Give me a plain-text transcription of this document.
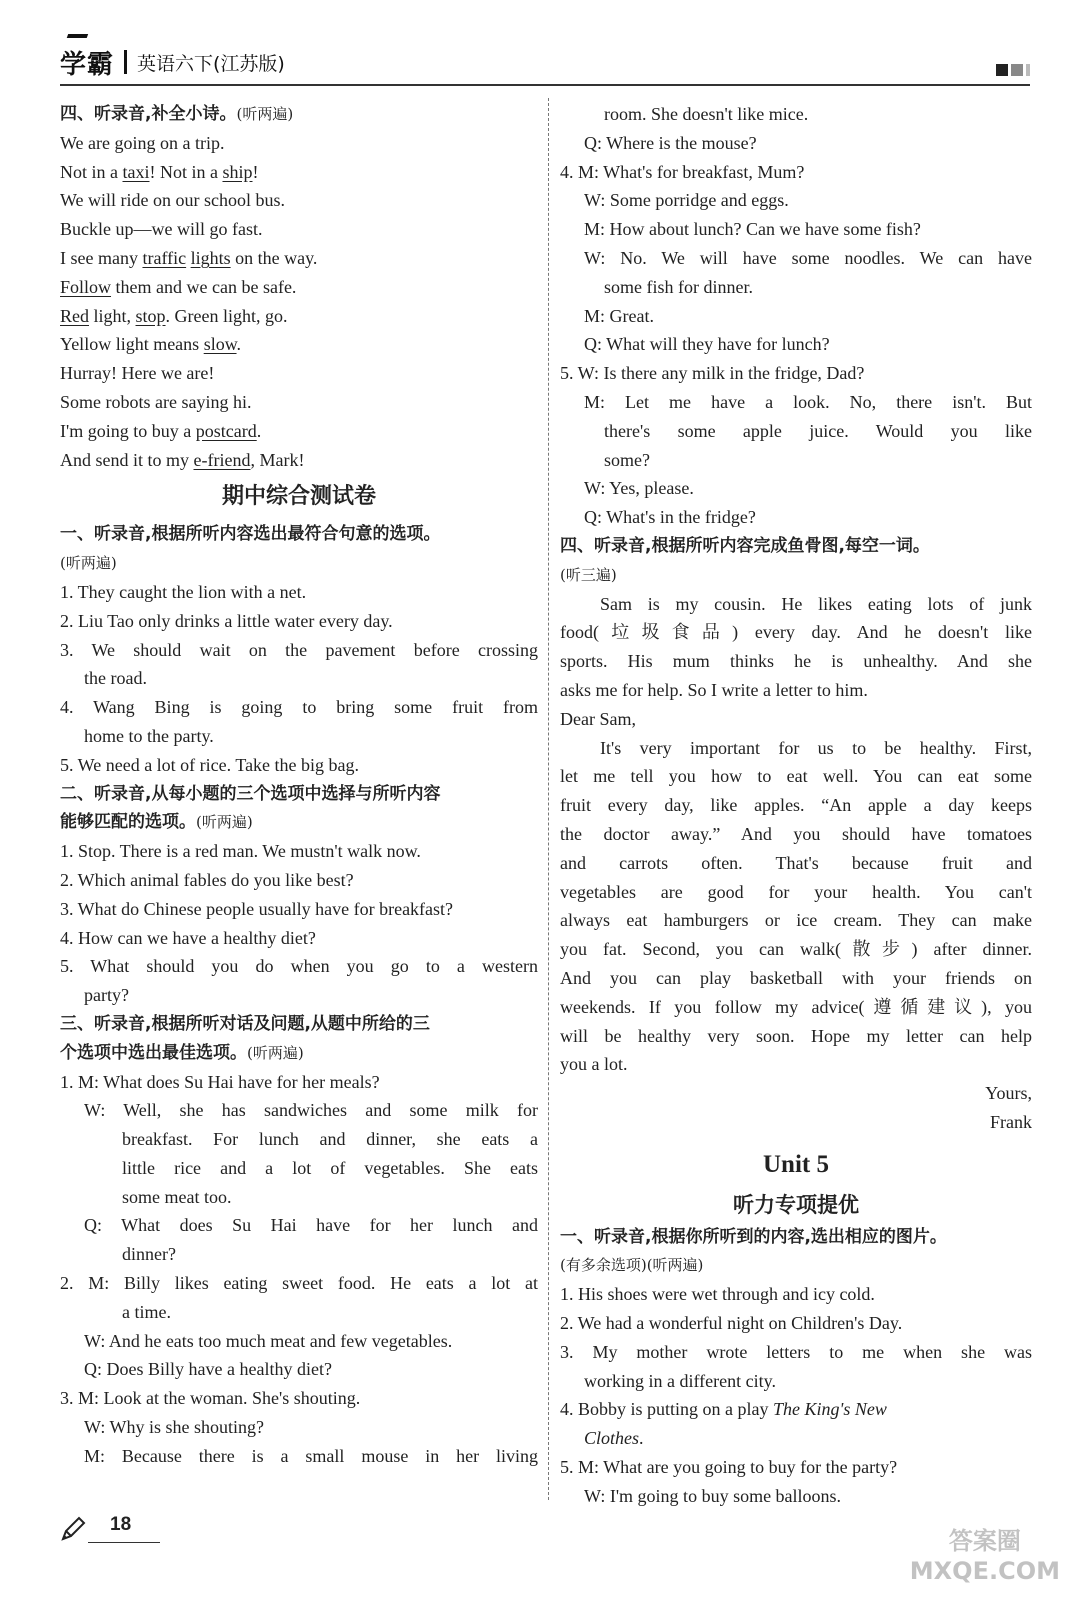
学霸 英语六下(江苏版)
四、听录音,补全小诗。(听两遍)
We are going on a trip.
Not in a taxi! Not in a ship!
We will ride on our school bus.
Buckle up—we will go fast.
I see many traffic lights on the way.
Follow them and we can be safe.
Red light, stop. Green light, go.
Yellow light means slow.
Hurray! Here we are!
Some robots are saying hi.
I'm going to buy a postcard.
And send it to my e-friend, Mark!
期中综合测试卷
一、听录音,根据所听内容选出最符合句意的选项。
(听两遍)
1. They caught the lion with a net.
2. Liu Tao only drinks a little water every day.
3. We should wait on the pavement before crossing
the road.
4. Wang Bing is going to bring some fruit from
home to the party.
5. We need a lot of rice. Take the big bag.
二、听录音,从每小题的三个选项中选择与所听内容
能够匹配的选项。(听两遍)
1. Stop. There is a red man. We mustn't walk now.
2. Which animal fables do you like best?
3. What do Chinese people usually have for breakfast?
4. How can we have a healthy diet?
5. What should you do when you go to a western
party?
三、听录音,根据所听对话及问题,从题中所给的三
个选项中选出最佳选项。(听两遍)
1. M: What does Su Hai have for her meals?
W: Well, she has sandwiches and some milk for
breakfast. For lunch and dinner, she eats a
little rice and a lot of vegetables. She eats
some meat too.
Q: What does Su Hai have for her lunch and
dinner?
2. M: Billy likes eating sweet food. He eats a lot at
a time.
W: And he eats too much meat and few vegetables.
Q: Does Billy have a healthy diet?
3. M: Look at the woman. She's shouting.
W: Why is she shouting?
M: Because there is a small mouse in her living
room. She doesn't like mice.
Q: Where is the mouse?
4. M: What's for breakfast, Mum?
W: Some porridge and eggs.
M: How about lunch? Can we have some fish?
W: No. We will have some noodles. We can have
some fish for dinner.
M: Great.
Q: What will they have for lunch?
5. W: Is there any milk in the fridge, Dad?
M: Let me have a look. No, there isn't. But
there's some apple juice. Would you like
some?
W: Yes, please.
Q: What's in the fridge?
四、听录音,根据所听内容完成鱼骨图,每空一词。
(听三遍)
Sam is my cousin. He likes eating lots of junk
food(垃圾食品) every day. And he doesn't like
sports. His mum thinks he is unhealthy. And she
asks me for help. So I write a letter to him.
Dear Sam,
It's very important for us to be healthy. First,
let me tell you how to eat well. You can eat some
fruit every day, like apples. “An apple a day keeps
the doctor away.” And you should have tomatoes
and carrots often. That's because fruit and
vegetables are good for your health. You can't
always eat hamburgers or ice cream. They can make
you fat. Second, you can walk(散步) after dinner.
And you can play basketball with your friends on
weekends. If you follow my advice(遵循建议), you
will be healthy very soon. Hope my letter can help
you a lot.
Yours,
Frank
Unit 5
听力专项提优
一、听录音,根据你所听到的内容,选出相应的图片。
(有多余选项)(听两遍)
1. His shoes were wet through and icy cold.
2. We had a wonderful night on Children's Day.
3. My mother wrote letters to me when she was
working in a different city.
4. Bobby is putting on a play The King's New
Clothes.
5. M: What are you going to buy for the party?
W: I'm going to buy some balloons.
18
答案圈
MXQE.COM
